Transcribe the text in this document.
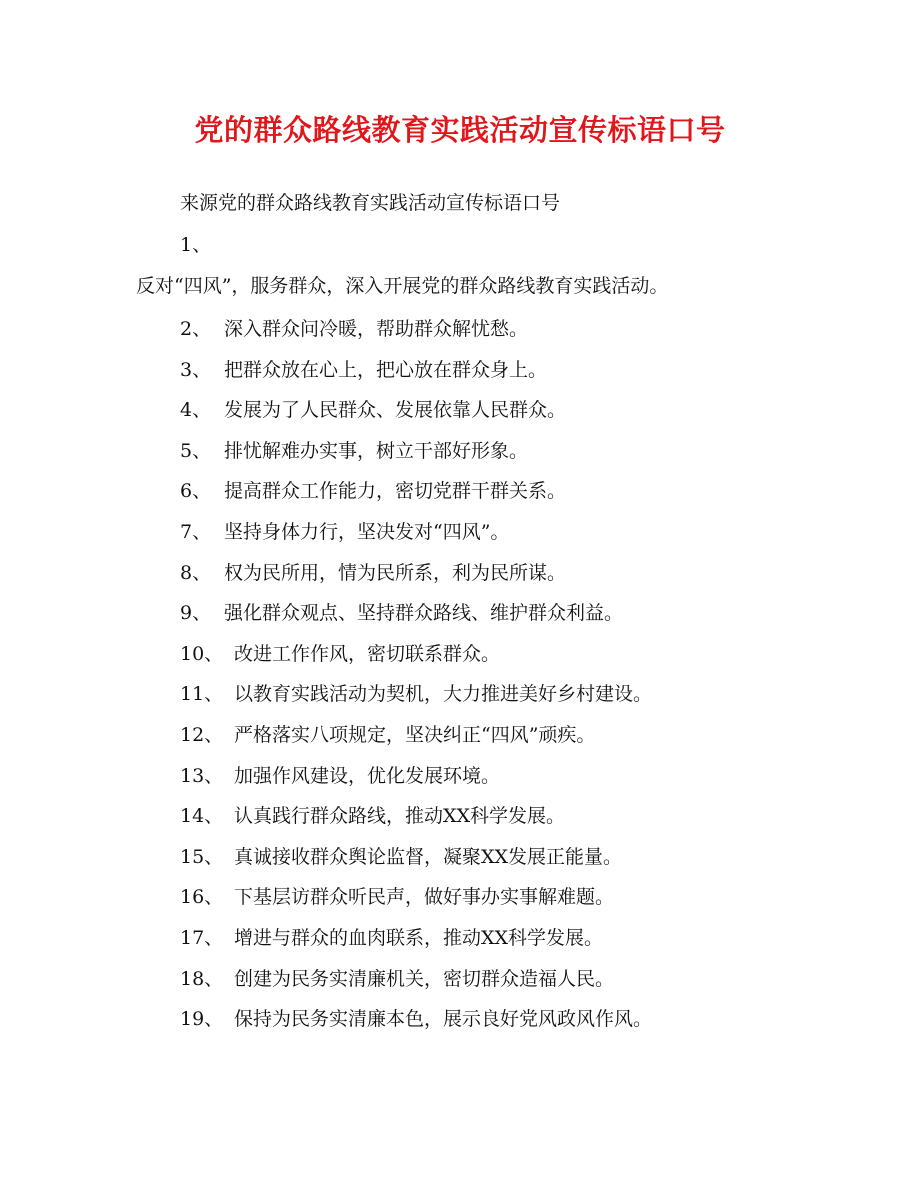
党的群众路线教育实践活动宣传标语口号
来源党的群众路线教育实践活动宣传标语口号
1、
反对“四风”，服务群众，深入开展党的群众路线教育实践活动。
2、 深入群众问冷暖，帮助群众解忧愁。
3、 把群众放在心上，把心放在群众身上。
4、 发展为了人民群众、发展依靠人民群众。
5、 排忧解难办实事，树立干部好形象。
6、 提高群众工作能力，密切党群干群关系。
7、 坚持身体力行，坚决发对“四风”。
8、 权为民所用，情为民所系，利为民所谋。
9、 强化群众观点、坚持群众路线、维护群众利益。
10、 改进工作作风，密切联系群众。
11、 以教育实践活动为契机，大力推进美好乡村建设。
12、 严格落实八项规定，坚决纠正“四风”顽疾。
13、 加强作风建设，优化发展环境。
14、 认真践行群众路线，推动XX科学发展。
15、 真诚接收群众舆论监督，凝聚XX发展正能量。
16、 下基层访群众听民声，做好事办实事解难题。
17、 增进与群众的血肉联系，推动XX科学发展。
18、 创建为民务实清廉机关，密切群众造福人民。
19、 保持为民务实清廉本色，展示良好党风政风作风。
